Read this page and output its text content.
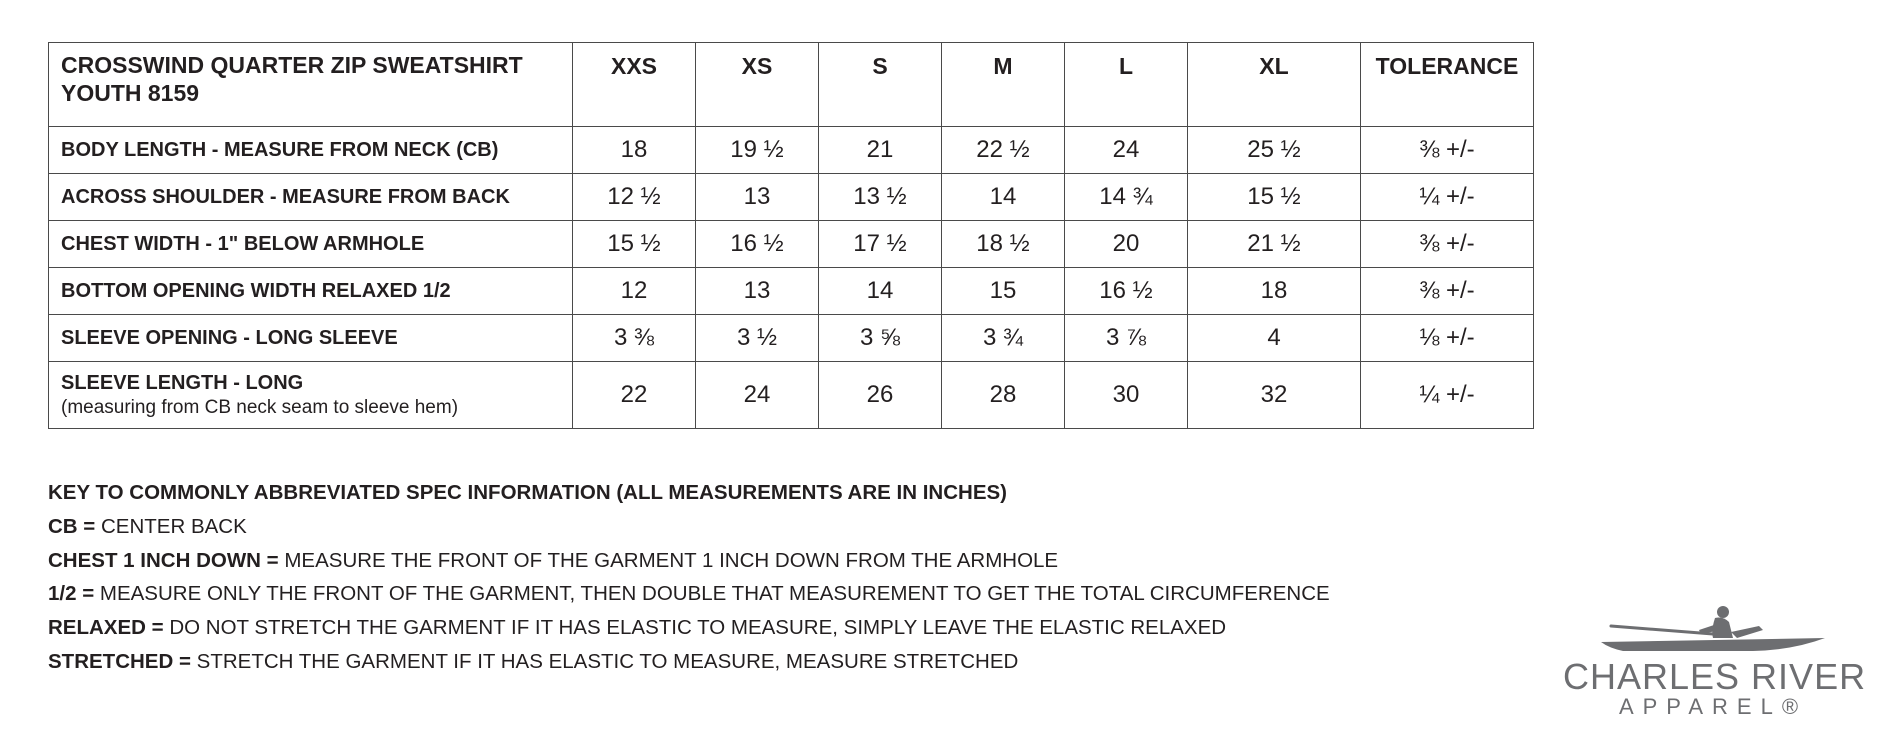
CROSSWIND QUARTER ZIP SWEATSHIRT
YOUTH 8159	XXS	XS	S	M	L	XL	TOLERANCE
BODY LENGTH - MEASURE FROM NECK (CB)	18	19 ½	21	22 ½	24	25 ½	⅜ +/-
ACROSS SHOULDER - MEASURE FROM BACK	12 ½	13	13 ½	14	14 ¾	15 ½	¼ +/-
CHEST WIDTH - 1" BELOW ARMHOLE	15 ½	16 ½	17 ½	18 ½	20	21 ½	⅜ +/-
BOTTOM OPENING WIDTH RELAXED 1/2	12	13	14	15	16 ½	18	⅜ +/-
SLEEVE OPENING - LONG SLEEVE	3 ⅜	3 ½	3 ⅝	3 ¾	3 ⅞	4	⅛ +/-
SLEEVE LENGTH - LONG
(measuring from CB neck seam to sleeve hem)	22	24	26	28	30	32	¼ +/-
KEY TO COMMONLY ABBREVIATED SPEC INFORMATION (ALL MEASUREMENTS ARE IN INCHES)
CB = CENTER BACK
CHEST 1 INCH DOWN = MEASURE THE FRONT OF THE GARMENT 1 INCH DOWN FROM THE ARMHOLE
1/2 = MEASURE ONLY THE FRONT OF THE GARMENT, THEN DOUBLE THAT MEASUREMENT TO GET THE TOTAL CIRCUMFERENCE
RELAXED = DO NOT STRETCH THE GARMENT IF IT HAS ELASTIC TO MEASURE, SIMPLY LEAVE THE ELASTIC RELAXED
STRETCHED = STRETCH THE GARMENT IF IT HAS ELASTIC TO MEASURE, MEASURE STRETCHED	CHARLES RIVER
APPAREL®
